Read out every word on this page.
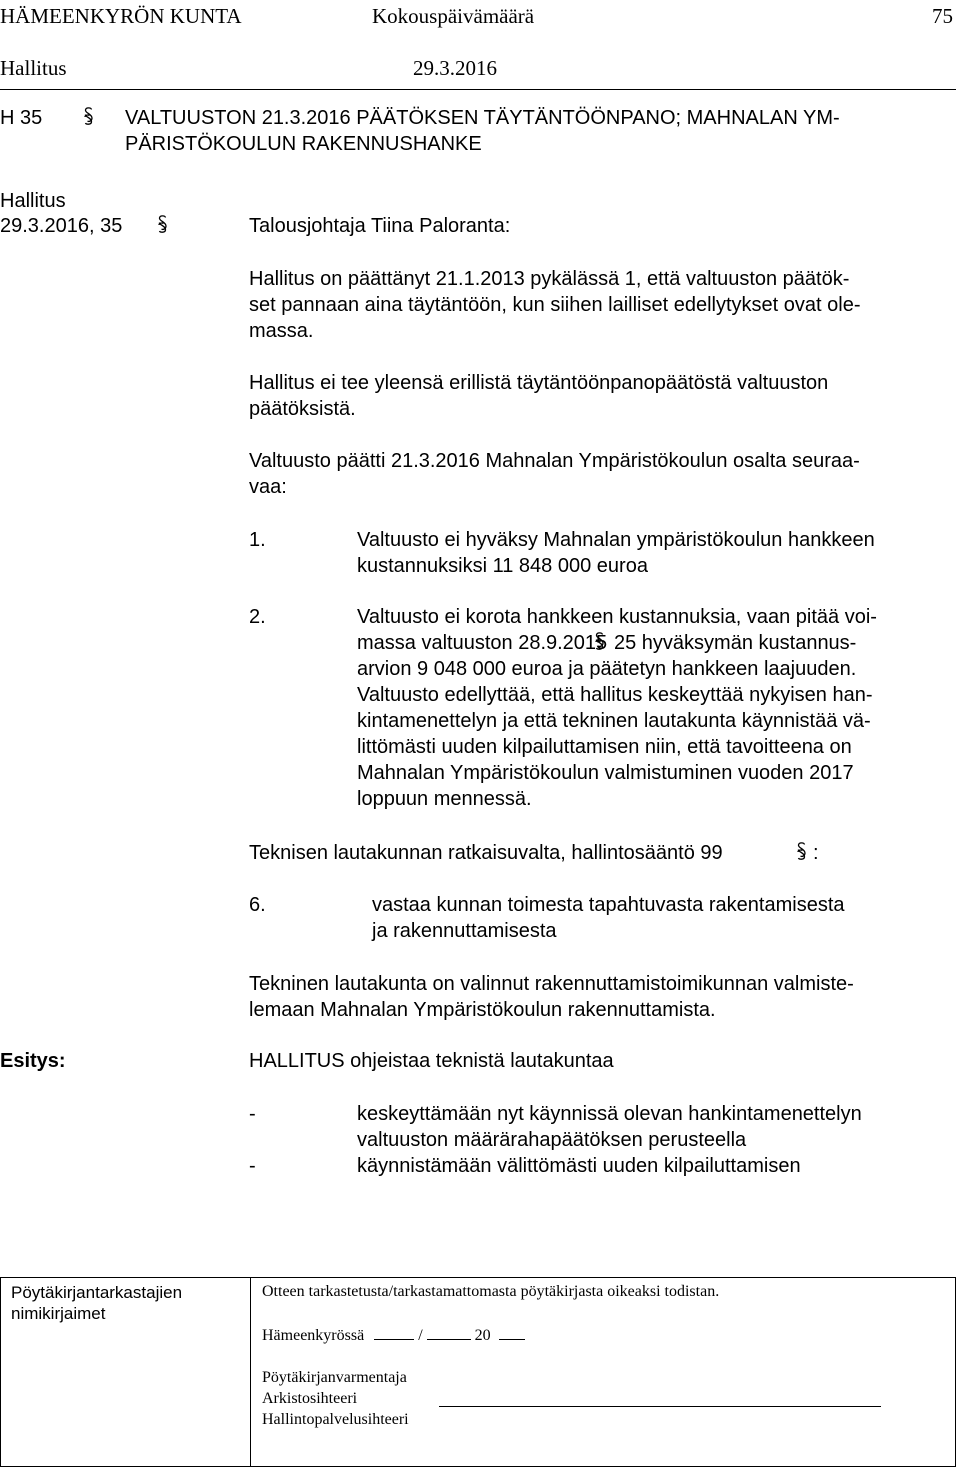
HÄMEENKYRÖN KUNTA	Kokouspäivämäärä	75
Hallitus	29.3.2016
H 35	VALTUUSTON 21.3.2016 PÄÄTÖKSEN TÄYTÄNTÖÖNPANO; MAHNALAN YM-
PÄRISTÖKOULUN RAKENNUSHANKE
Hallitus
29.3.2016, 35	Talousjohtaja Tiina Paloranta:
Hallitus on päättänyt 21.1.2013 pykälässä 1, että valtuuston päätök-
set pannaan aina täytäntöön, kun siihen lailliset edellytykset ovat ole-
massa.
Hallitus ei tee yleensä erillistä täytäntöönpanopäätöstä valtuuston
päätöksistä.
Valtuusto päätti 21.3.2016 Mahnalan Ympäristökoulun osalta seuraa-
vaa:
1.	Valtuusto ei hyväksy Mahnalan ympäristökoulun hankkeen
kustannuksiksi 11 848 000 euroa
2.	Valtuusto ei korota hankkeen kustannuksia, vaan pitää voi-
massa valtuuston 28.9.2015 25 hyväksymän kustannus-
arvion 9 048 000 euroa ja päätetyn hankkeen laajuuden.
Valtuusto edellyttää, että hallitus keskeyttää nykyisen han-
kintamenettelyn ja että tekninen lautakunta käynnistää vä-
littömästi uuden kilpailuttamisen niin, että tavoitteena on
Mahnalan Ympäristökoulun valmistuminen vuoden 2017
loppuun mennessä.
Teknisen lautakunnan ratkaisuvalta, hallintosääntö 99	:
6.	vastaa kunnan toimesta tapahtuvasta rakentamisesta
ja rakennuttamisesta
Tekninen lautakunta on valinnut rakennuttamistoimikunnan valmiste-
lemaan Mahnalan Ympäristökoulun rakennuttamista.
Esitys:	HALLITUS ohjeistaa teknistä lautakuntaa
-	keskeyttämään nyt käynnissä olevan hankintamenettelyn
valtuuston määrärahapäätöksen perusteella
-	käynnistämään välittömästi uuden kilpailuttamisen
Pöytäkirjantarkastajien
nimikirjaimet
Otteen tarkastetusta/tarkastamattomasta pöytäkirjasta oikeaksi todistan.
Hämeenkyrössä	/	20
Pöytäkirjanvarmentaja
Arkistosihteeri
Hallintopalvelusihteeri
